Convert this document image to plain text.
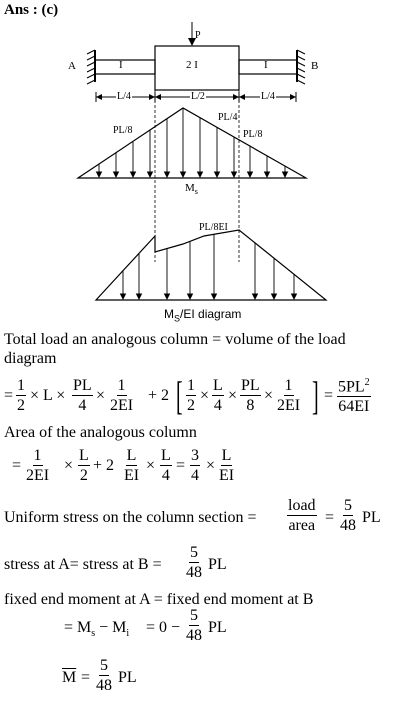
Ans : (c)
A	B
P
I	2 I	I
L/4	L/2	L/4
PL/4
PL/8	PL/8
$M_s$
PL/8EI
$M_S/EI$ diagram
Total load an analogous column = volume of the load
diagram
= $\frac{1}{2} \times L \times \frac{PL}{4} \times \frac{1}{2EI} + 2$ [ $\frac{1}{2} \times \frac{L}{4} \times \frac{PL}{8} \times \frac{1}{2EI}$ ] = $\frac{5PL^2}{64EI}$
Area of the analogous column
= $\frac{1}{2EI} \times \frac{L}{2} + 2 \frac{L}{EI} \times \frac{L}{4} = \frac{3}{4} \times \frac{L}{EI}$
Uniform stress on the column section =
load
area = $\frac{5}{48}$ PL
stress at A= stress at $B = \frac{5}{48}$ PL
fixed end moment at A = fixed end moment at B
= $M_s - M_i = 0 - \frac{5}{48}$ PL
$\overline{M} = \frac{5}{48}$ PL
